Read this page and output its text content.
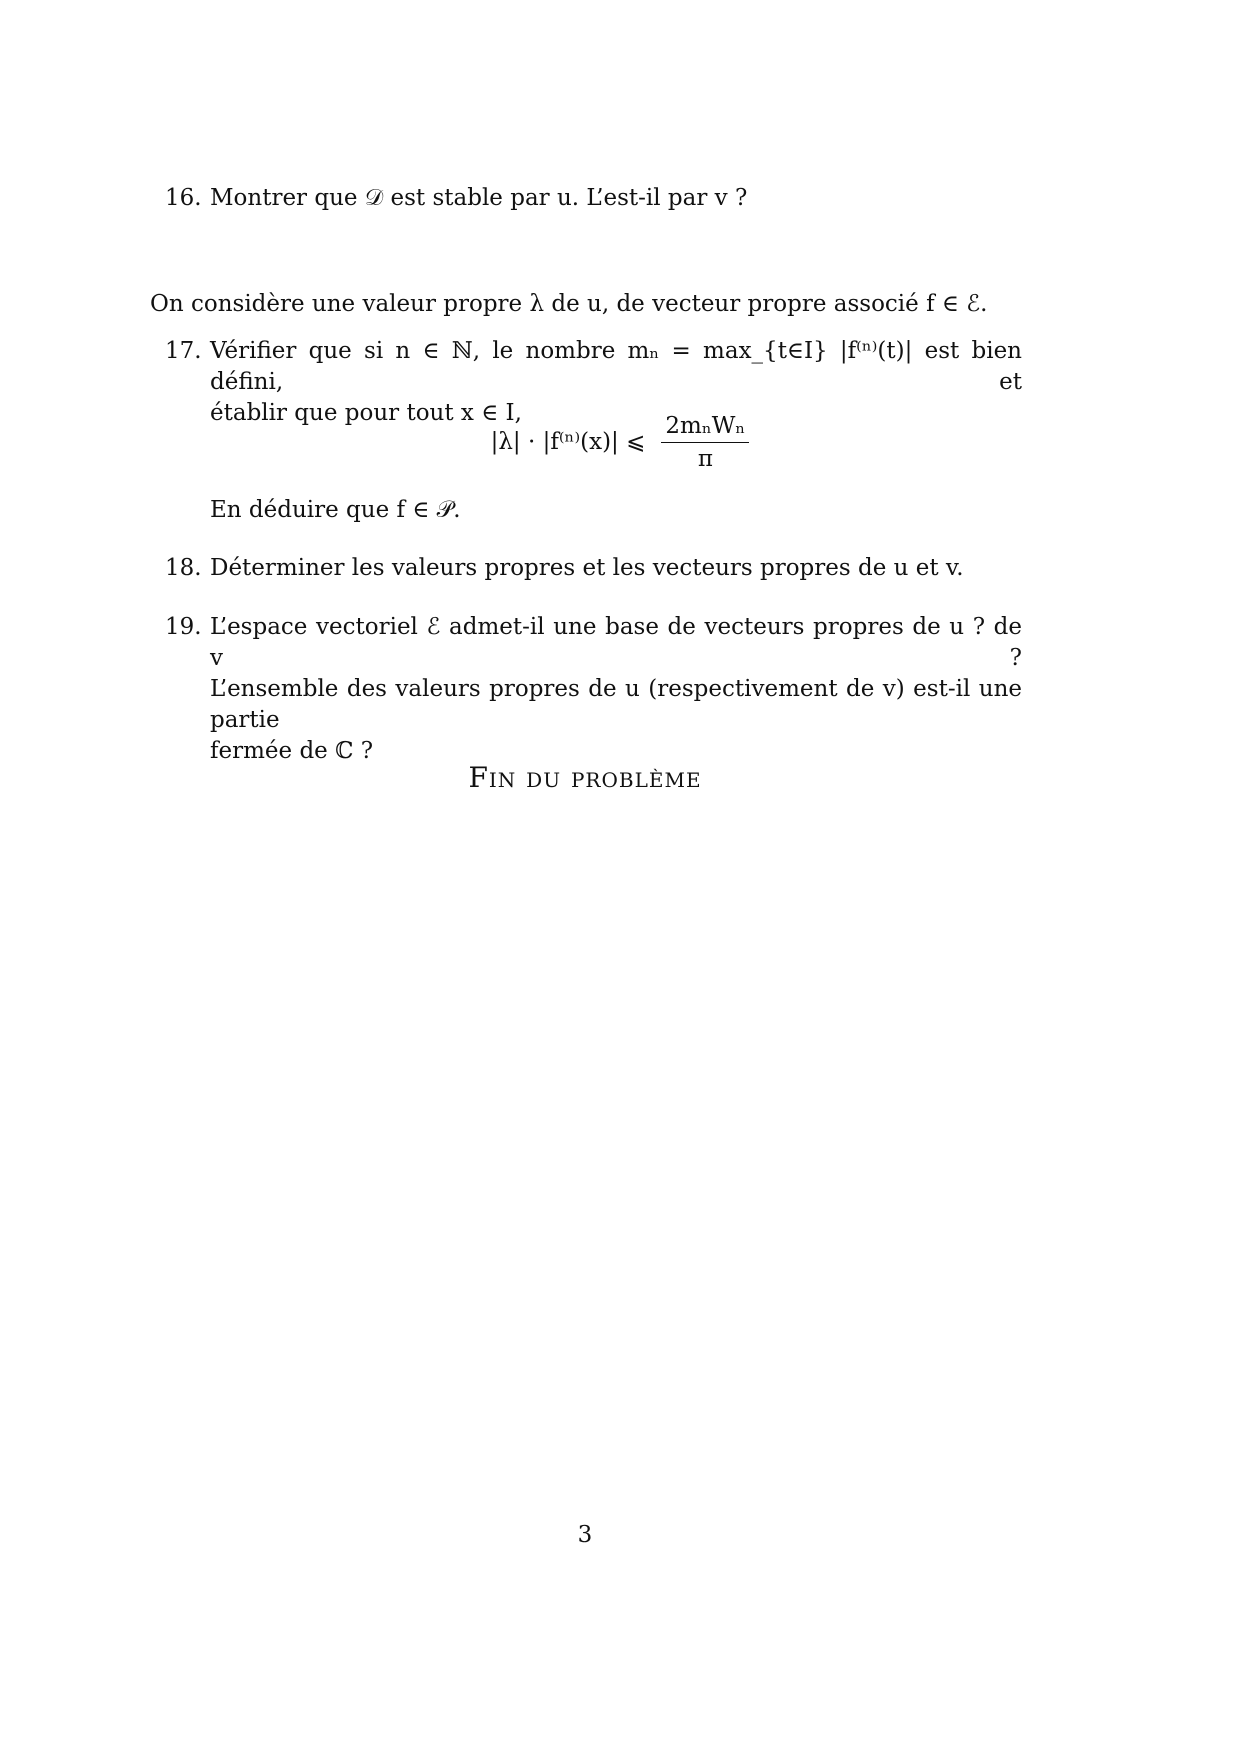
16. Montrer que 𝒟 est stable par u. L’est-il par v ?
On considère une valeur propre λ de u, de vecteur propre associé f ∈ ℰ.
17. Vérifier que si n ∈ ℕ, le nombre mₙ = max_{t∈I} |f⁽ⁿ⁾(t)| est bien défini, et
établir que pour tout x ∈ I,
|λ| · |f⁽ⁿ⁾(x)| ⩽ $\frac{\text{2mₙWₙ}}{\pi}$
En déduire que f ∈ 𝒫.
18. Déterminer les valeurs propres et les vecteurs propres de u et v.
19. L’espace vectoriel ℰ admet-il une base de vecteurs propres de u ? de v ?
L’ensemble des valeurs propres de u (respectivement de v) est-il une partie
fermée de ℂ ?
Fin du problème
3
